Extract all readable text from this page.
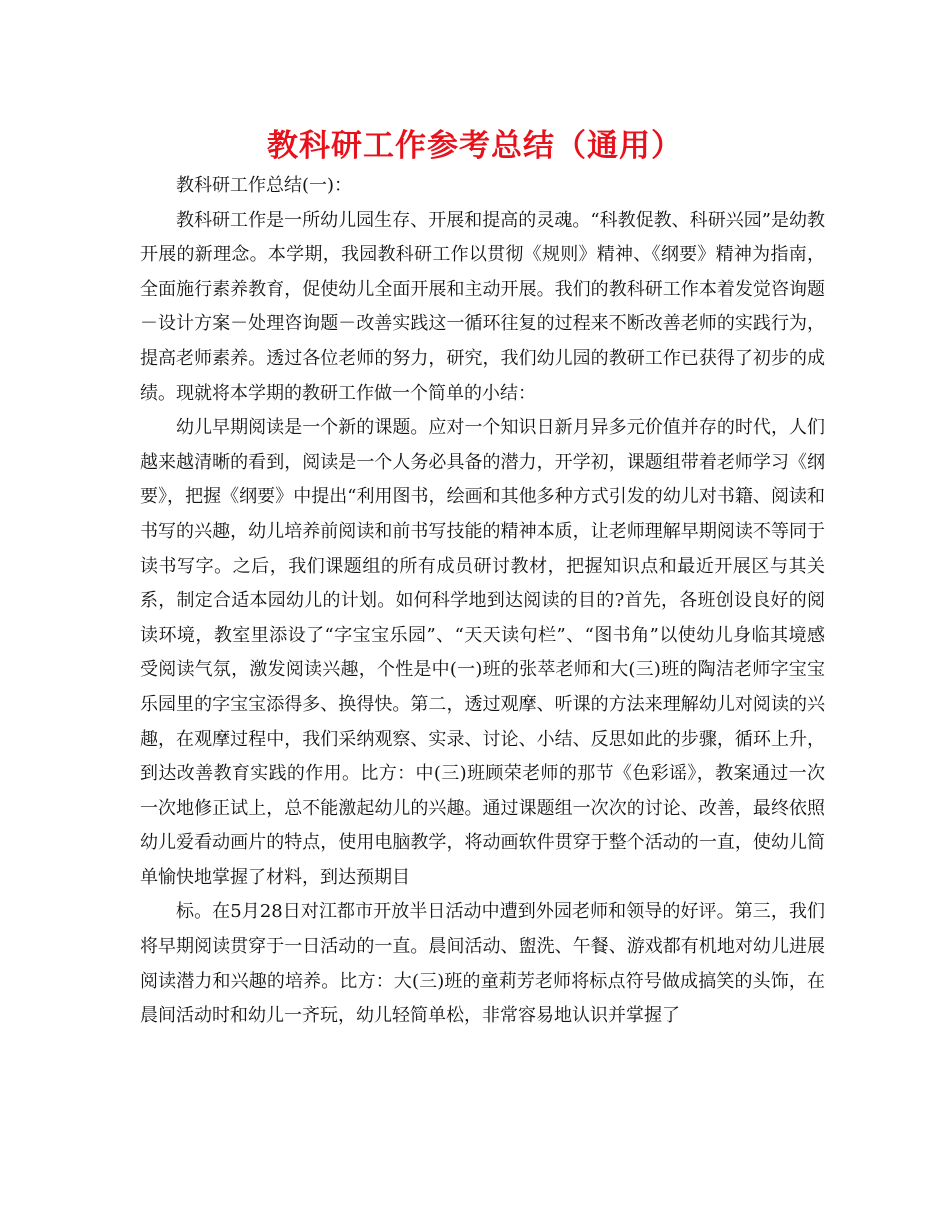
教科研工作参考总结（通用）

教科研工作总结(一)：

教科研工作是一所幼儿园生存、开展和提高的灵魂。“科教促教、科研兴园”是幼教开展的新理念。本学期，我园教科研工作以贯彻《规则》精神、《纲要》精神为指南，全面施行素养教育，促使幼儿全面开展和主动开展。我们的教科研工作本着发觉咨询题－设计方案－处理咨询题－改善实践这一循环往复的过程来不断改善老师的实践行为，提高老师素养。透过各位老师的努力，研究，我们幼儿园的教研工作已获得了初步的成绩。现就将本学期的教研工作做一个简单的小结：

幼儿早期阅读是一个新的课题。应对一个知识日新月异多元价值并存的时代，人们越来越清晰的看到，阅读是一个人务必具备的潜力，开学初，课题组带着老师学习《纲要》，把握《纲要》中提出“利用图书，绘画和其他多种方式引发的幼儿对书籍、阅读和书写的兴趣，幼儿培养前阅读和前书写技能的精神本质，让老师理解早期阅读不等同于读书写字。之后，我们课题组的所有成员研讨教材，把握知识点和最近开展区与其关系，制定合适本园幼儿的计划。如何科学地到达阅读的目的?首先，各班创设良好的阅读环境，教室里添设了“字宝宝乐园”、“天天读句栏”、“图书角”以使幼儿身临其境感受阅读气氛，激发阅读兴趣，个性是中(一)班的张萃老师和大(三)班的陶洁老师字宝宝乐园里的字宝宝添得多、换得快。第二，透过观摩、听课的方法来理解幼儿对阅读的兴趣，在观摩过程中，我们采纳观察、实录、讨论、小结、反思如此的步骤，循环上升，到达改善教育实践的作用。比方：中(三)班顾荣老师的那节《色彩谣》，教案通过一次一次地修正试上，总不能激起幼儿的兴趣。通过课题组一次次的讨论、改善，最终依照幼儿爱看动画片的特点，使用电脑教学，将动画软件贯穿于整个活动的一直，使幼儿简单愉快地掌握了材料，到达预期目

标。在5月28日对江都市开放半日活动中遭到外园老师和领导的好评。第三，我们将早期阅读贯穿于一日活动的一直。晨间活动、盥洗、午餐、游戏都有机地对幼儿进展阅读潜力和兴趣的培养。比方：大(三)班的童莉芳老师将标点符号做成搞笑的头饰，在晨间活动时和幼儿一齐玩，幼儿轻简单松，非常容易地认识并掌握了
